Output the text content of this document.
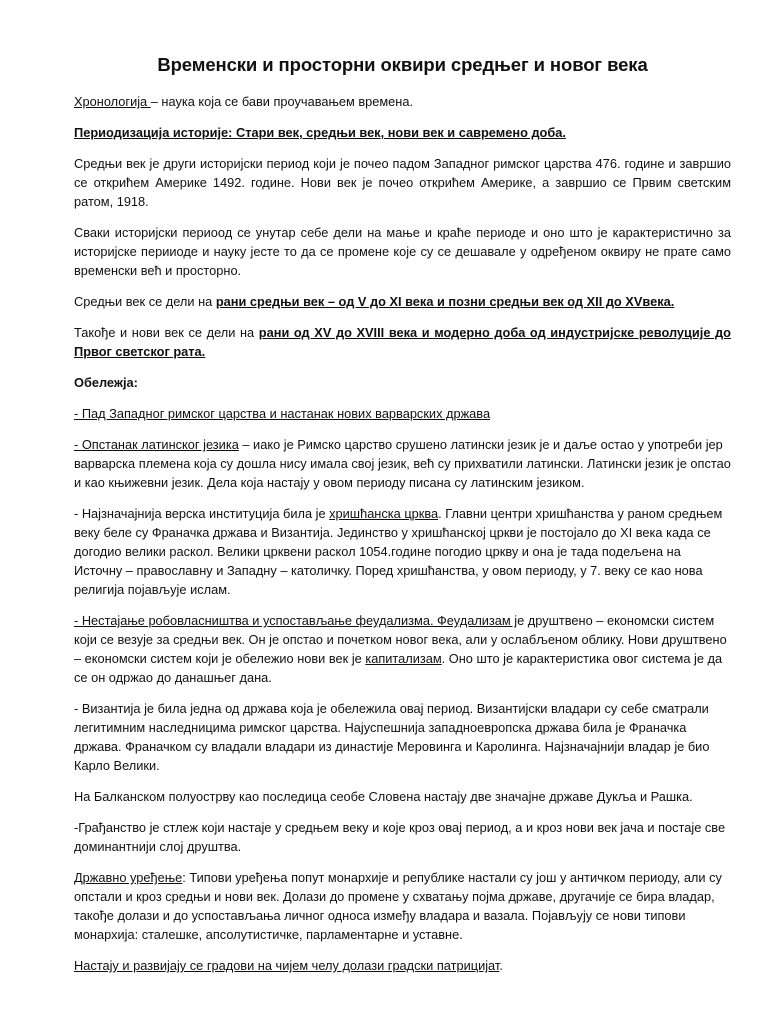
Временски и просторни оквири средњег и новог века

Хронологија – наука која се бави проучавањем времена.

Периодизација историје: Стари век, средњи век, нови век и савремено доба.

Средњи век је други историјски период који је почео падом Западног римског царства 476. године и завршио се открићем Америке 1492. године. Нови век је почео открићем Америке, а завршио се Првим светским ратом, 1918.

Сваки историјски периоод се унутар себе дели на мање и краће периоде и оно што је карактеристично за историјске перииоде и науку јесте то да се промене које су се дешавале у одређеном оквиру не прате само временски већ и просторно.

Средњи век се дели на рани средњи век – од V до XI века и позни средњи век од XII до XVвека.

Такође и нови век се дели на рани од XV до XVIII века и модерно доба од индустријске револуције до Првог светског рата.

Обележја:

- Пад Западног римског царства и настанак нових варварских држава

- Опстанак латинског језика – иако је Римско царство срушено латински језик је и даље остао у употреби јер варварска племена која су дошла нису имала свој језик, већ су прихватили латински. Латински језик је опстао и као књижевни језик. Дела која настају у овом периоду писана су латинским језиком.

- Најзначајнија верска институција била је хришћанска црква. Главни центри хришћанства у раном средњем веку беле су Франачка држава и Византија. Јединство у хришћанској цркви је постојало до XI века када се догодио велики раскол. Велики црквени раскол 1054.године погодио цркву и она је тада подељена на Источну – православну и Западну – католичку. Поред хришћанства, у овом периоду, у 7. веку се као нова религија појављује ислам.

- Нестајање робовласништва и успостављање феудализма. Феудализам је друштвено – економски систем који се везује за средњи век. Он је опстао и почетком новог века, али у ослабљеном облику. Нови друштвено – економски систем који је обележио нови век је капитализам. Оно што је карактеристика овог система је да се он одржао до данашњег дана.

- Византија је била једна од држава која је обележила овај период. Византијски владари су себе сматрали легитимним наследницима римског царства. Најуспешнија западноевропска држава била је Франачка држава. Франачком су владали владари из династије Меровинга и Каролинга. Најзначајнији владар је био Карло Велики.

На Балканском полуострву као последица сеобе Словена настају две значајне државе Дукља и Рашка.

-Грађанство је стлеж који настаје у средњем веку и које кроз овај период, а и кроз нови век јача и постаје све доминантнији слој друштва.

Државно уређење: Типови уређења попут монархије и републике настали су још у античком периоду, али су опстали и кроз средњи и нови век. Долази до промене у схватању појма државе, другачије се бира владар, такође долази и до успостављања личног односа између владара и вазала. Појављују се нови типови монархија: сталешке, апсолутистичке, парламентарне и уставне.

Настају и развијају се градови на чијем челу долази градски патрицијат.
